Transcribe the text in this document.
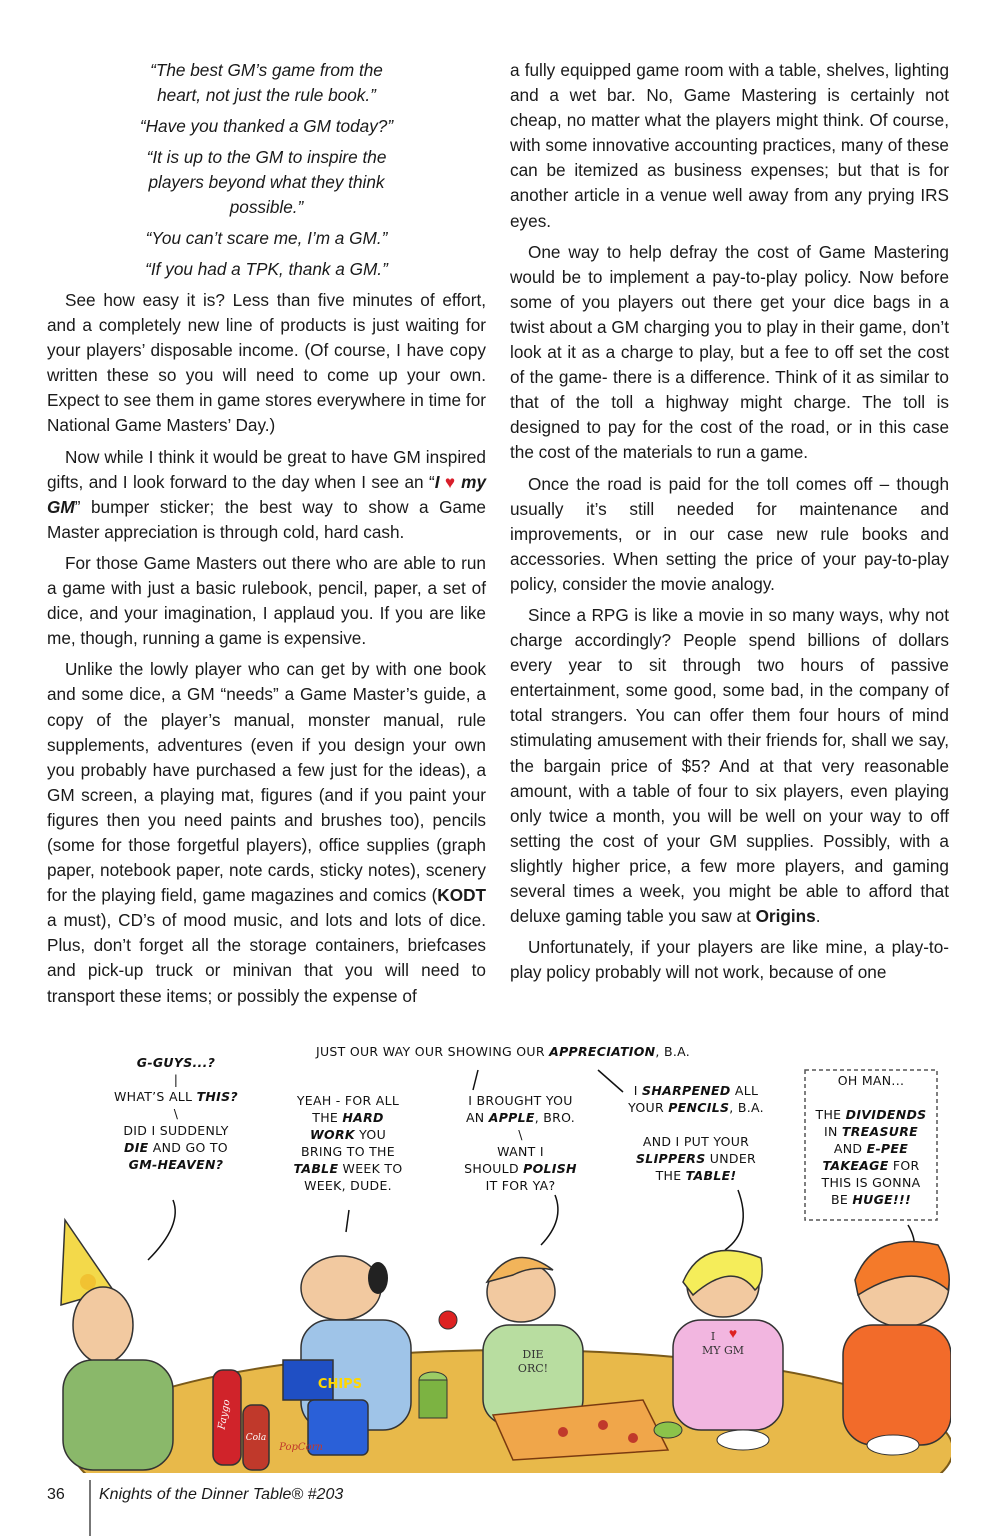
“The best GM’s game from the heart, not just the rule book.”

“Have you thanked a GM today?”

“It is up to the GM to inspire the players beyond what they think possible.”

“You can’t scare me, I’m a GM.”

“If you had a TPK, thank a GM.”

See how easy it is? Less than five minutes of effort, and a completely new line of products is just waiting for your players’ disposable income. (Of course, I have copy written these so you will need to come up your own. Expect to see them in game stores everywhere in time for National Game Masters’ Day.)

Now while I think it would be great to have GM inspired gifts, and I look forward to the day when I see an “I ♥ my GM” bumper sticker; the best way to show a Game Master appreciation is through cold, hard cash.

For those Game Masters out there who are able to run a game with just a basic rulebook, pencil, paper, a set of dice, and your imagination, I applaud you. If you are like me, though, running a game is expensive.

Unlike the lowly player who can get by with one book and some dice, a GM “needs” a Game Master’s guide, a copy of the player’s manual, monster manual, rule supplements, adventures (even if you design your own you probably have purchased a few just for the ideas), a GM screen, a playing mat, figures (and if you paint your figures then you need paints and brushes too), pencils (some for those forgetful players), office supplies (graph paper, notebook paper, note cards, sticky notes), scenery for the playing field, game magazines and comics (KODT a must), CD’s of mood music, and lots and lots of dice. Plus, don’t forget all the storage containers, briefcases and pick-up truck or minivan that you will need to transport these items; or possibly the expense of

a fully equipped game room with a table, shelves, lighting and a wet bar. No, Game Mastering is certainly not cheap, no matter what the players might think. Of course, with some innovative accounting practices, many of these can be itemized as business expenses; but that is for another article in a venue well away from any prying IRS eyes.

One way to help defray the cost of Game Mastering would be to implement a pay-to-play policy. Now before some of you players out there get your dice bags in a twist about a GM charging you to play in their game, don’t look at it as a charge to play, but a fee to off set the cost of the game- there is a difference. Think of it as similar to that of the toll a highway might charge. The toll is designed to pay for the cost of the road, or in this case the cost of the materials to run a game.

Once the road is paid for the toll comes off – though usually it’s still needed for maintenance and improvements, or in our case new rule books and accessories. When setting the price of your pay-to-play policy, consider the movie analogy.

Since a RPG is like a movie in so many ways, why not charge accordingly? People spend billions of dollars every year to sit through two hours of passive entertainment, some good, some bad, in the company of total strangers. You can offer them four hours of mind stimulating amusement with their friends for, shall we say, the bargain price of $5? And at that very reasonable amount, with a table of four to six players, even playing only twice a month, you will be well on your way to off setting the cost of your GM supplies. Possibly, with a slightly higher price, a few more players, and gaming several times a week, you might be able to afford that deluxe gaming table you saw at Origins.

Unfortunately, if your players are like mine, a play-to-play policy probably will not work, because of one

DIE
ORC!
I ♥
MY GM
CHIPS
Faygo
Cola
PopCorn
JUST OUR WAY OUR SHOWING OUR APPRECIATION, B.A.
G-GUYS...?
|
WHAT’S ALL THIS?
\
DID I SUDDENLY
DIE AND GO TO
GM-HEAVEN?
YEAH - FOR ALL
THE HARD
WORK YOU
BRING TO THE
TABLE WEEK TO
WEEK, DUDE.
I BROUGHT YOU
AN APPLE, BRO.
\
WANT I
SHOULD POLISH
IT FOR YA?
I SHARPENED ALL
YOUR PENCILS, B.A.

AND I PUT YOUR
SLIPPERS UNDER
THE TABLE!
OH MAN...

THE DIVIDENDS
IN TREASURE
AND E-PEE
TAKEAGE FOR
THIS IS GONNA
BE HUGE!!!
36 Knights of the Dinner Table® #203
